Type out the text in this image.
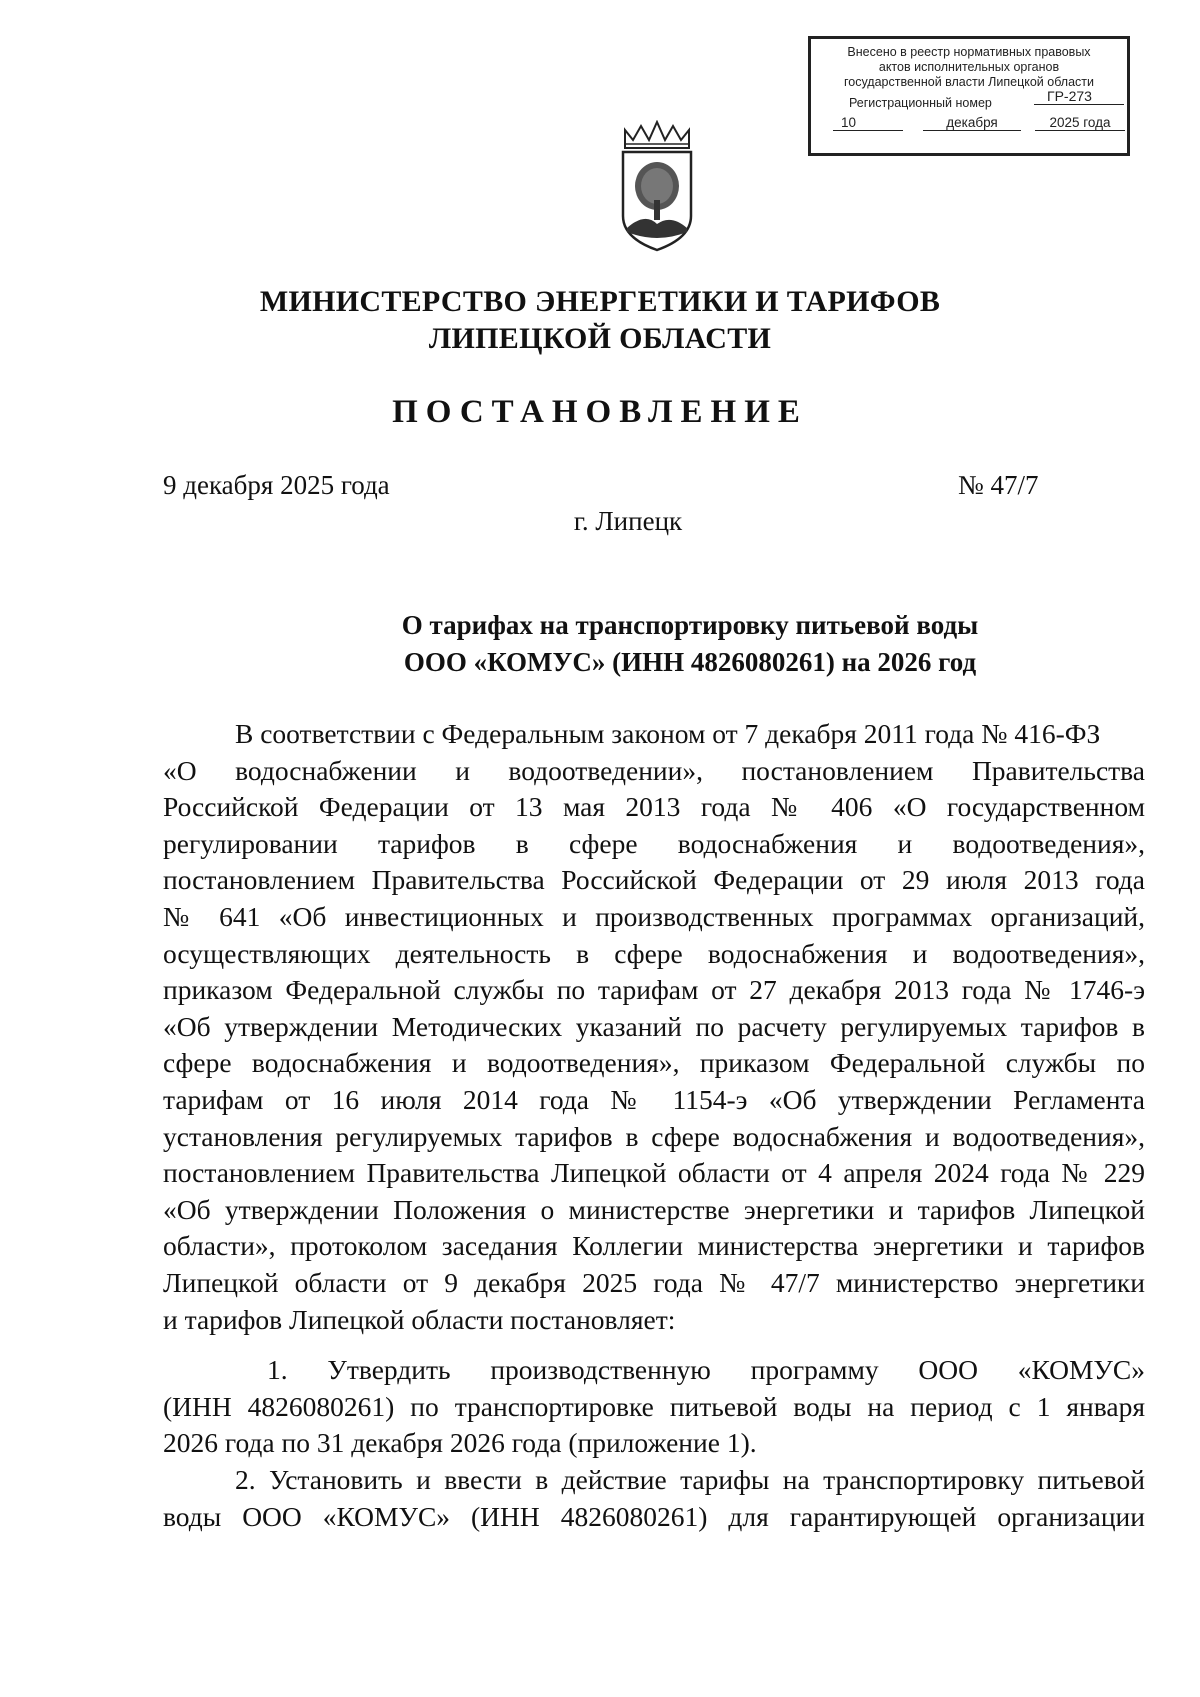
Внесено в реестр нормативных правовых
актов исполнительных органов
государственной власти Липецкой области
Регистрационный номер	ГР-273
10	декабря	2025 года
МИНИСТЕРСТВО ЭНЕРГЕТИКИ И ТАРИФОВ
ЛИПЕЦКОЙ ОБЛАСТИ
ПОСТАНОВЛЕНИЕ
9 декабря 2025 года	№ 47/7
г. Липецк
О тарифах на транспортировку питьевой воды
ООО «КОМУС» (ИНН 4826080261) на 2026 год
В соответствии с Федеральным законом от 7 декабря 2011 года № 416-ФЗ
«О водоснабжении и водоотведении», постановлением Правительства
Российской Федерации от 13 мая 2013 года № 406 «О государственном
регулировании тарифов в сфере водоснабжения и водоотведения»,
постановлением Правительства Российской Федерации от 29 июля 2013 года
№ 641 «Об инвестиционных и производственных программах организаций,
осуществляющих деятельность в сфере водоснабжения и водоотведения»,
приказом Федеральной службы по тарифам от 27 декабря 2013 года № 1746-э
«Об утверждении Методических указаний по расчету регулируемых тарифов в
сфере водоснабжения и водоотведения», приказом Федеральной службы по
тарифам от 16 июля 2014 года № 1154-э «Об утверждении Регламента
установления регулируемых тарифов в сфере водоснабжения и водоотведения»,
постановлением Правительства Липецкой области от 4 апреля 2024 года № 229
«Об утверждении Положения о министерстве энергетики и тарифов Липецкой
области», протоколом заседания Коллегии министерства энергетики и тарифов
Липецкой области от 9 декабря 2025 года № 47/7 министерство энергетики
и тарифов Липецкой области постановляет:
1. Утвердить производственную программу ООО «КОМУС»
(ИНН 4826080261) по транспортировке питьевой воды на период с 1 января
2026 года по 31 декабря 2026 года (приложение 1).
2. Установить и ввести в действие тарифы на транспортировку питьевой
воды ООО «КОМУС» (ИНН 4826080261) для гарантирующей организации
